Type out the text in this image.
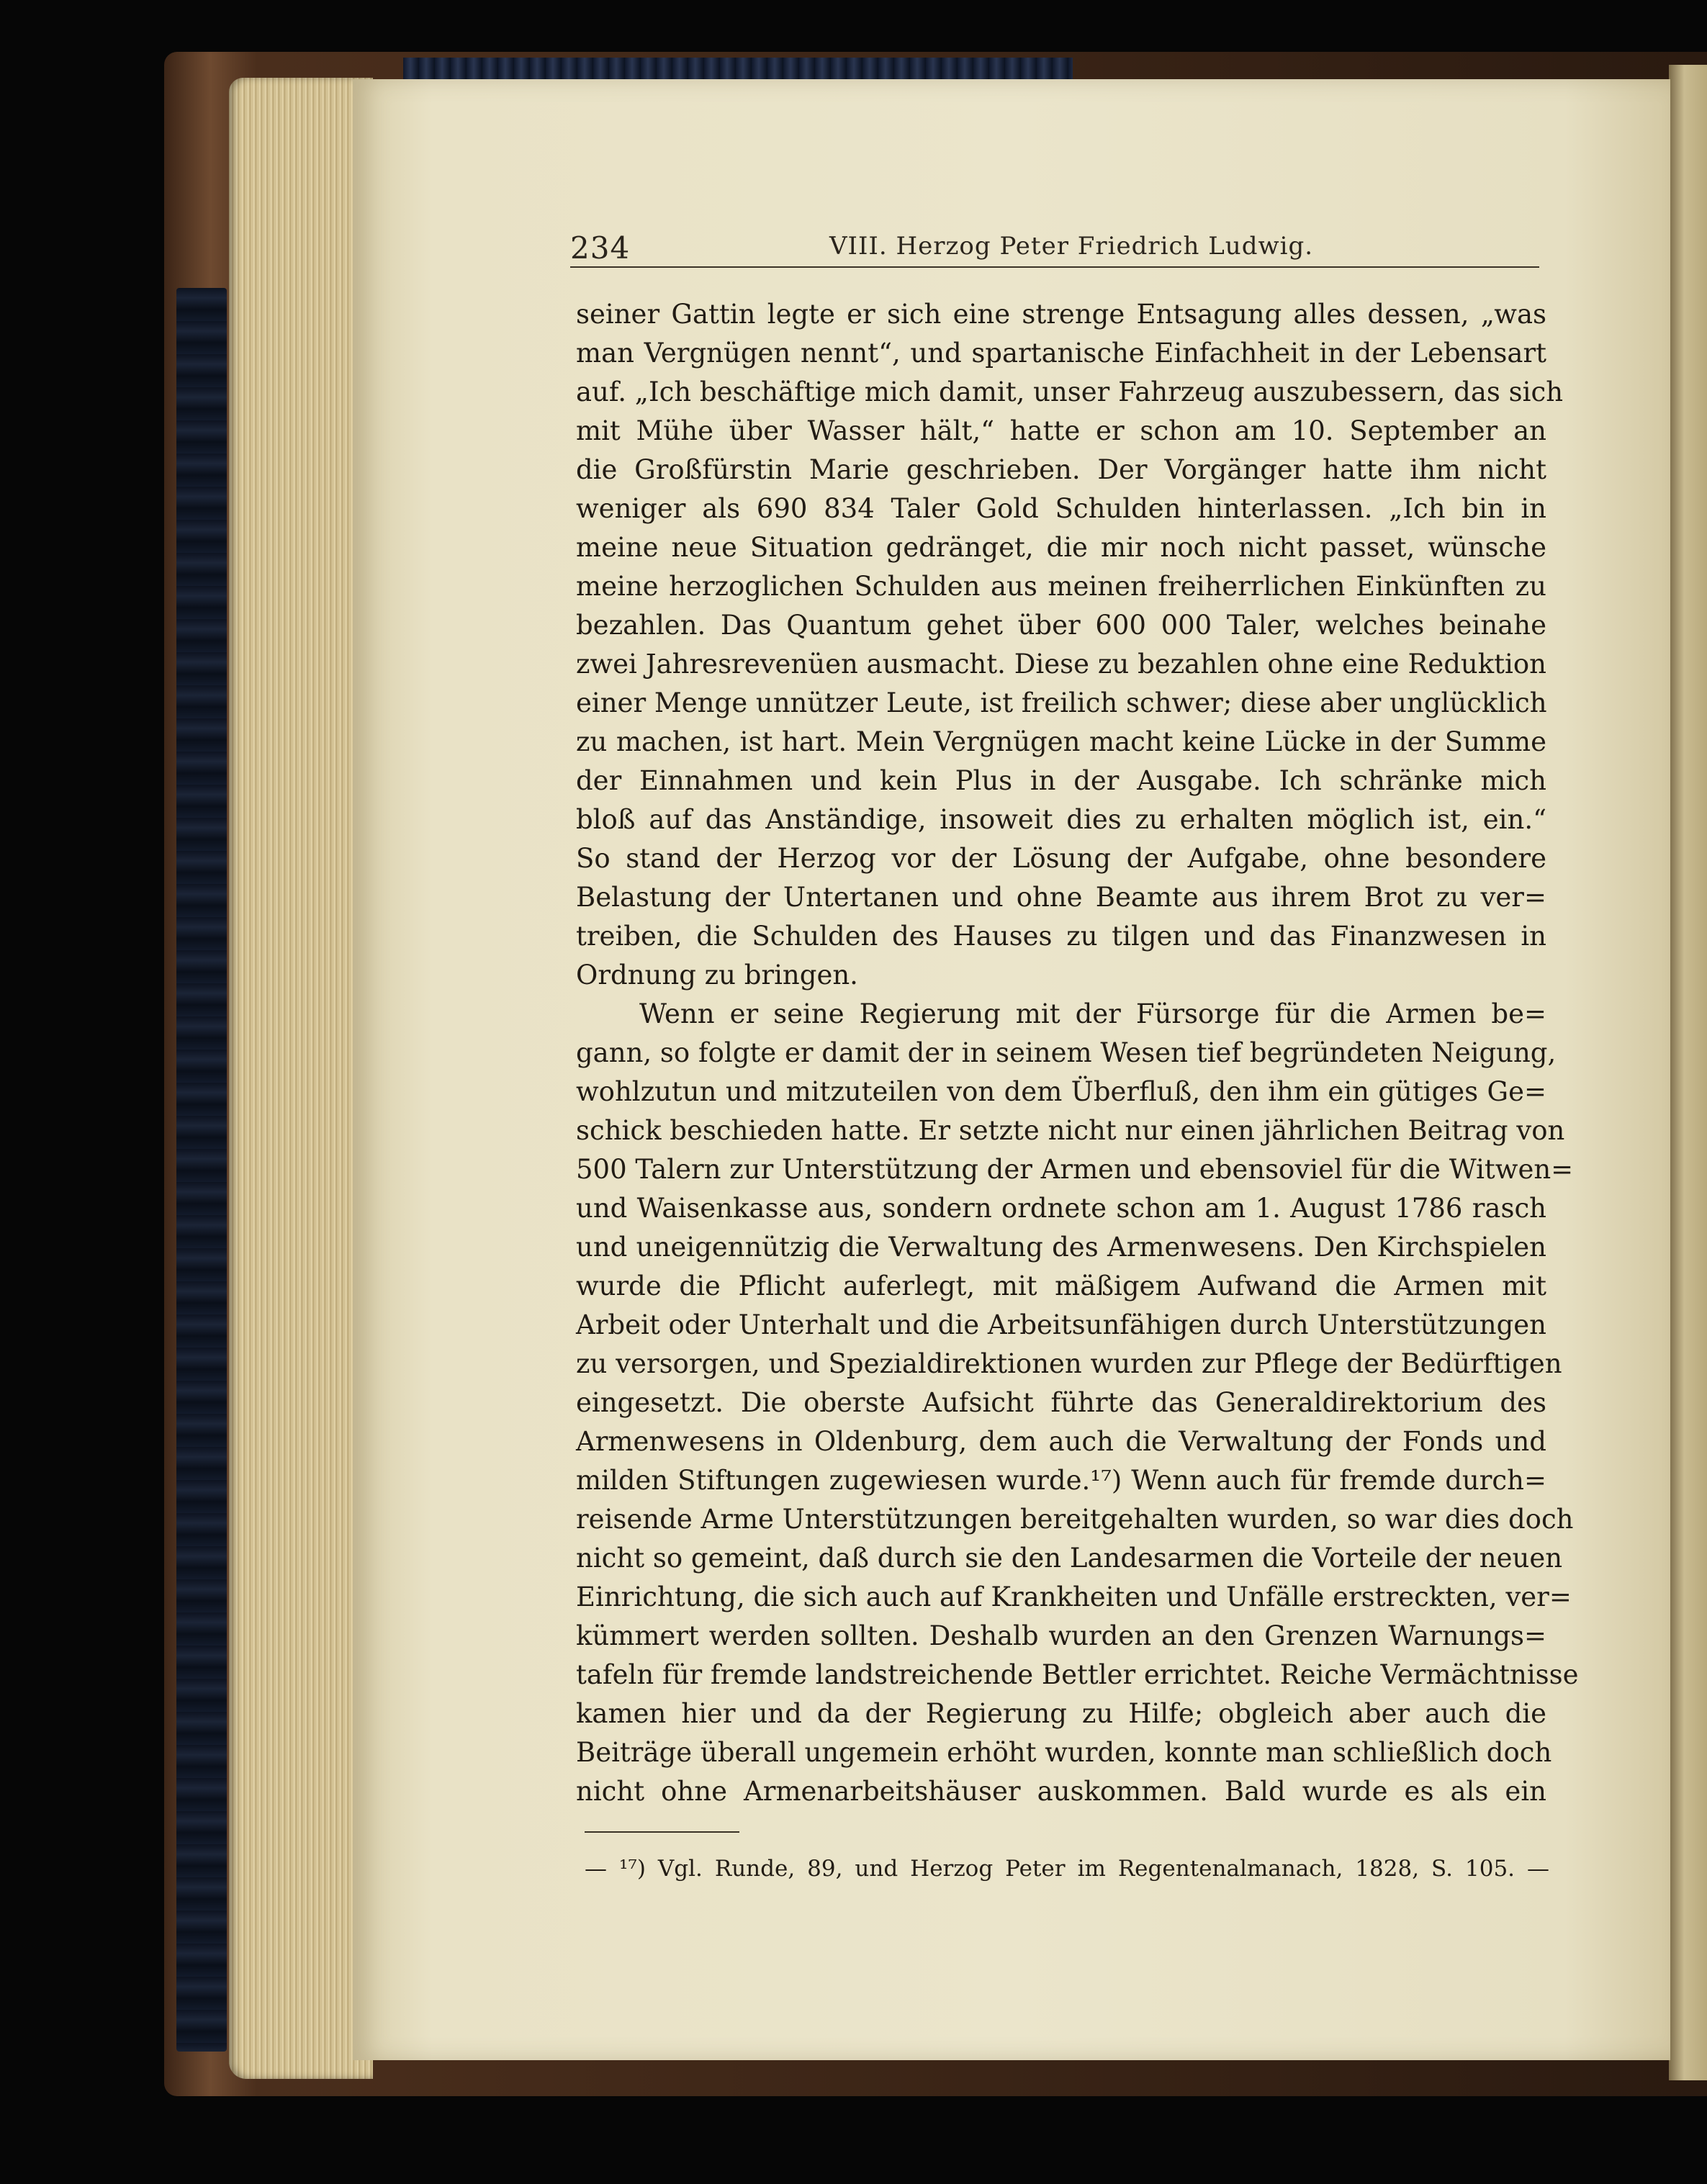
234	VIII. Herzog Peter Friedrich Ludwig.
seiner Gattin legte er sich eine strenge Entsagung alles dessen, „was
man Vergnügen nennt“, und spartanische Einfachheit in der Lebensart
auf. „Ich beschäftige mich damit, unser Fahrzeug auszubessern, das sich
mit Mühe über Wasser hält,“ hatte er schon am 10. September an
die Großfürstin Marie geschrieben. Der Vorgänger hatte ihm nicht
weniger als 690 834 Taler Gold Schulden hinterlassen. „Ich bin in
meine neue Situation gedränget, die mir noch nicht passet, wünsche
meine herzoglichen Schulden aus meinen freiherrlichen Einkünften zu
bezahlen. Das Quantum gehet über 600 000 Taler, welches beinahe
zwei Jahresrevenüen ausmacht. Diese zu bezahlen ohne eine Reduktion
einer Menge unnützer Leute, ist freilich schwer; diese aber unglücklich
zu machen, ist hart. Mein Vergnügen macht keine Lücke in der Summe
der Einnahmen und kein Plus in der Ausgabe. Ich schränke mich
bloß auf das Anständige, insoweit dies zu erhalten möglich ist, ein.“
So stand der Herzog vor der Lösung der Aufgabe, ohne besondere
Belastung der Untertanen und ohne Beamte aus ihrem Brot zu ver=
treiben, die Schulden des Hauses zu tilgen und das Finanzwesen in
Ordnung zu bringen.
Wenn er seine Regierung mit der Fürsorge für die Armen be=
gann, so folgte er damit der in seinem Wesen tief begründeten Neigung,
wohlzutun und mitzuteilen von dem Überfluß, den ihm ein gütiges Ge=
schick beschieden hatte. Er setzte nicht nur einen jährlichen Beitrag von
500 Talern zur Unterstützung der Armen und ebensoviel für die Witwen=
und Waisenkasse aus, sondern ordnete schon am 1. August 1786 rasch
und uneigennützig die Verwaltung des Armenwesens. Den Kirchspielen
wurde die Pflicht auferlegt, mit mäßigem Aufwand die Armen mit
Arbeit oder Unterhalt und die Arbeitsunfähigen durch Unterstützungen
zu versorgen, und Spezialdirektionen wurden zur Pflege der Bedürftigen
eingesetzt. Die oberste Aufsicht führte das Generaldirektorium des
Armenwesens in Oldenburg, dem auch die Verwaltung der Fonds und
milden Stiftungen zugewiesen wurde.¹⁷) Wenn auch für fremde durch=
reisende Arme Unterstützungen bereitgehalten wurden, so war dies doch
nicht so gemeint, daß durch sie den Landesarmen die Vorteile der neuen
Einrichtung, die sich auch auf Krankheiten und Unfälle erstreckten, ver=
kümmert werden sollten. Deshalb wurden an den Grenzen Warnungs=
tafeln für fremde landstreichende Bettler errichtet. Reiche Vermächtnisse
kamen hier und da der Regierung zu Hilfe; obgleich aber auch die
Beiträge überall ungemein erhöht wurden, konnte man schließlich doch
nicht ohne Armenarbeitshäuser auskommen. Bald wurde es als ein
— ¹⁷) Vgl. Runde, 89, und Herzog Peter im Regentenalmanach, 1828, S. 105. —
